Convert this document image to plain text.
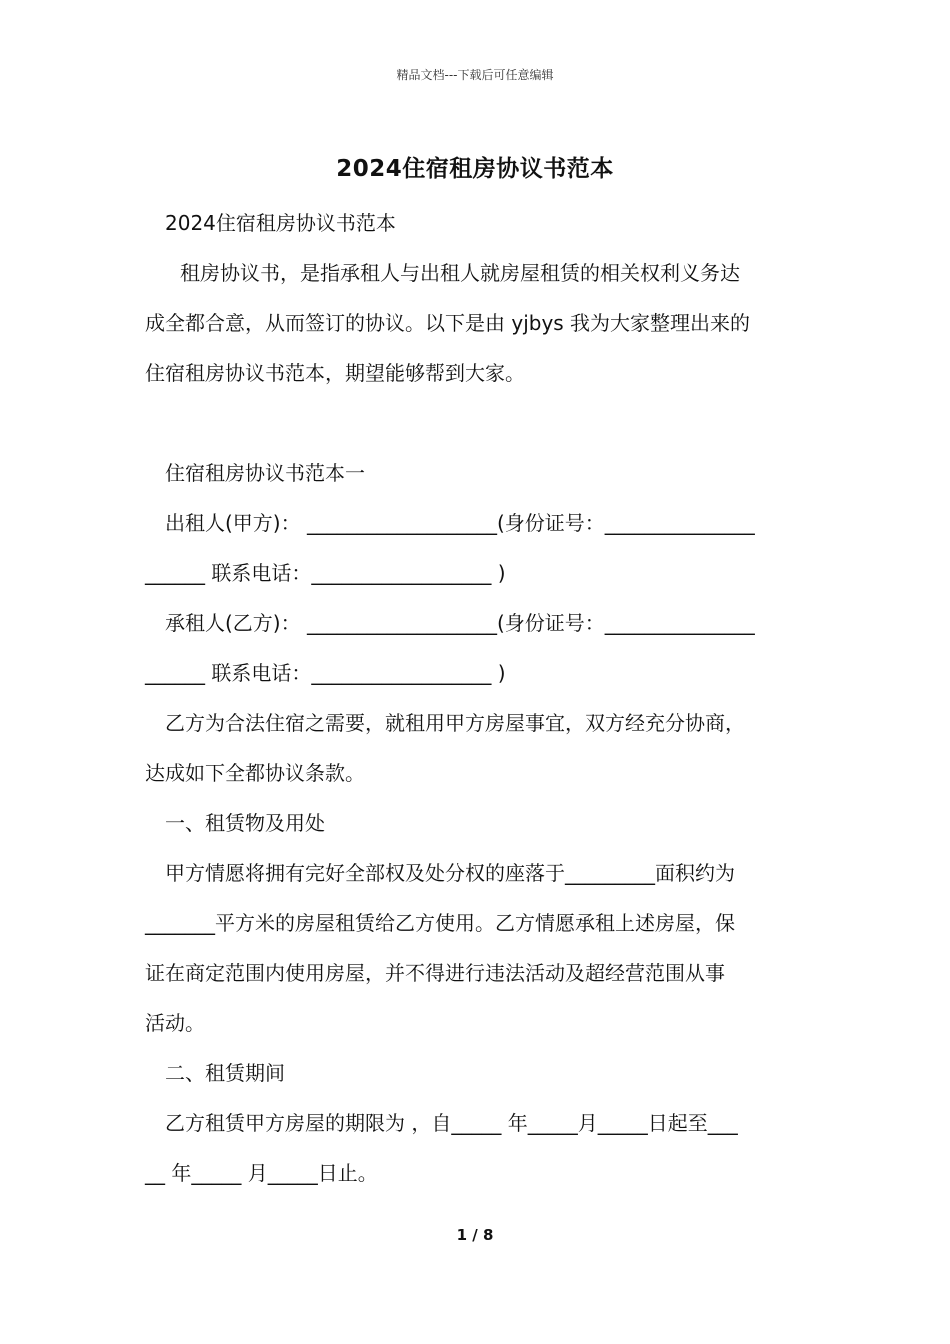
精品文档---下载后可任意编辑
2024住宿租房协议书范本

2024住宿租房协议书范本

租房协议书，是指承租人与出租人就房屋租赁的相关权利义务达

成全都合意，从而签订的协议。以下是由 yjbys 我为大家整理出来的

住宿租房协议书范本，期望能够帮到大家。

住宿租房协议书范本一

出租人(甲方)： ___________________(身份证号：_______________

______ 联系电话：__________________ )

承租人(乙方)： ___________________(身份证号：_______________

______ 联系电话：__________________ )

乙方为合法住宿之需要，就租用甲方房屋事宜，双方经充分协商，

达成如下全都协议条款。

一、租赁物及用处

甲方情愿将拥有完好全部权及处分权的座落于_________面积约为

_______平方米的房屋租赁给乙方使用。乙方情愿承租上述房屋，保

证在商定范围内使用房屋，并不得进行违法活动及超经营范围从事

活动。

二、租赁期间

乙方租赁甲方房屋的期限为 ，自_____ 年_____月_____日起至___

__ 年_____ 月_____日止。

1 / 8
